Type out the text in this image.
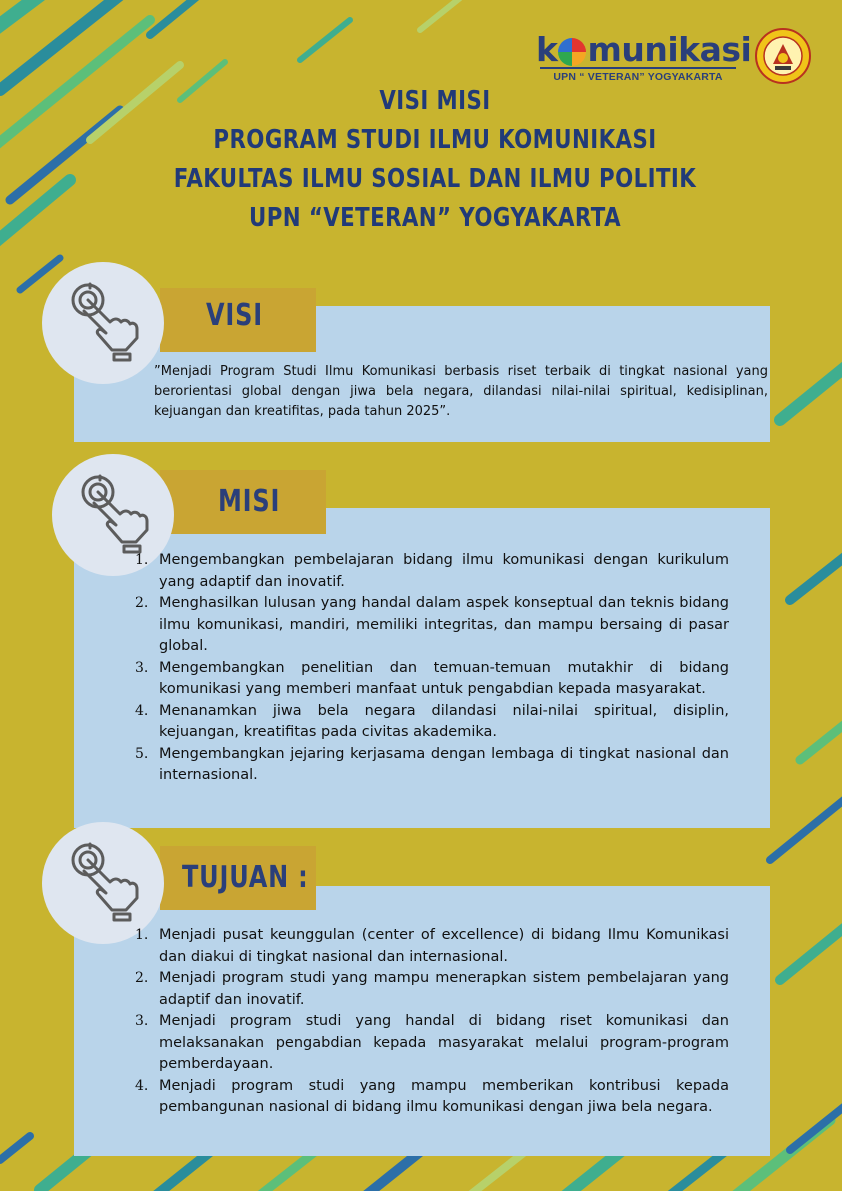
k munikasi
UPN “ VETERAN” YOGYAKARTA
VISI MISI
PROGRAM STUDI ILMU KOMUNIKASI
FAKULTAS ILMU SOSIAL DAN ILMU POLITIK
UPN “VETERAN” YOGYAKARTA
VISI
”Menjadi Program Studi Ilmu Komunikasi berbasis riset terbaik di tingkat nasional yang berorientasi global dengan jiwa bela negara, dilandasi nilai-nilai spiritual, kedisiplinan, kejuangan dan kreatifitas, pada tahun 2025”.
MISI
1. Mengembangkan pembelajaran bidang ilmu komunikasi dengan kurikulum yang adaptif dan inovatif.
2. Menghasilkan lulusan yang handal dalam aspek konseptual dan teknis bidang ilmu komunikasi, mandiri, memiliki integritas, dan mampu bersaing di pasar global.
3. Mengembangkan penelitian dan temuan-temuan mutakhir di bidang komunikasi yang memberi manfaat untuk pengabdian kepada masyarakat.
4. Menanamkan jiwa bela negara dilandasi nilai-nilai spiritual, disiplin, kejuangan, kreatifitas pada civitas akademika.
5. Mengembangkan jejaring kerjasama dengan lembaga di tingkat nasional dan internasional.
TUJUAN :
1. Menjadi pusat keunggulan (center of excellence) di bidang Ilmu Komunikasi dan diakui di tingkat nasional dan internasional.
2. Menjadi program studi yang mampu menerapkan sistem pembelajaran yang adaptif dan inovatif.
3. Menjadi program studi yang handal di bidang riset komunikasi dan melaksanakan pengabdian kepada masyarakat melalui program-program pemberdayaan.
4. Menjadi program studi yang mampu memberikan kontribusi kepada pembangunan nasional di bidang ilmu komunikasi dengan jiwa bela negara.
